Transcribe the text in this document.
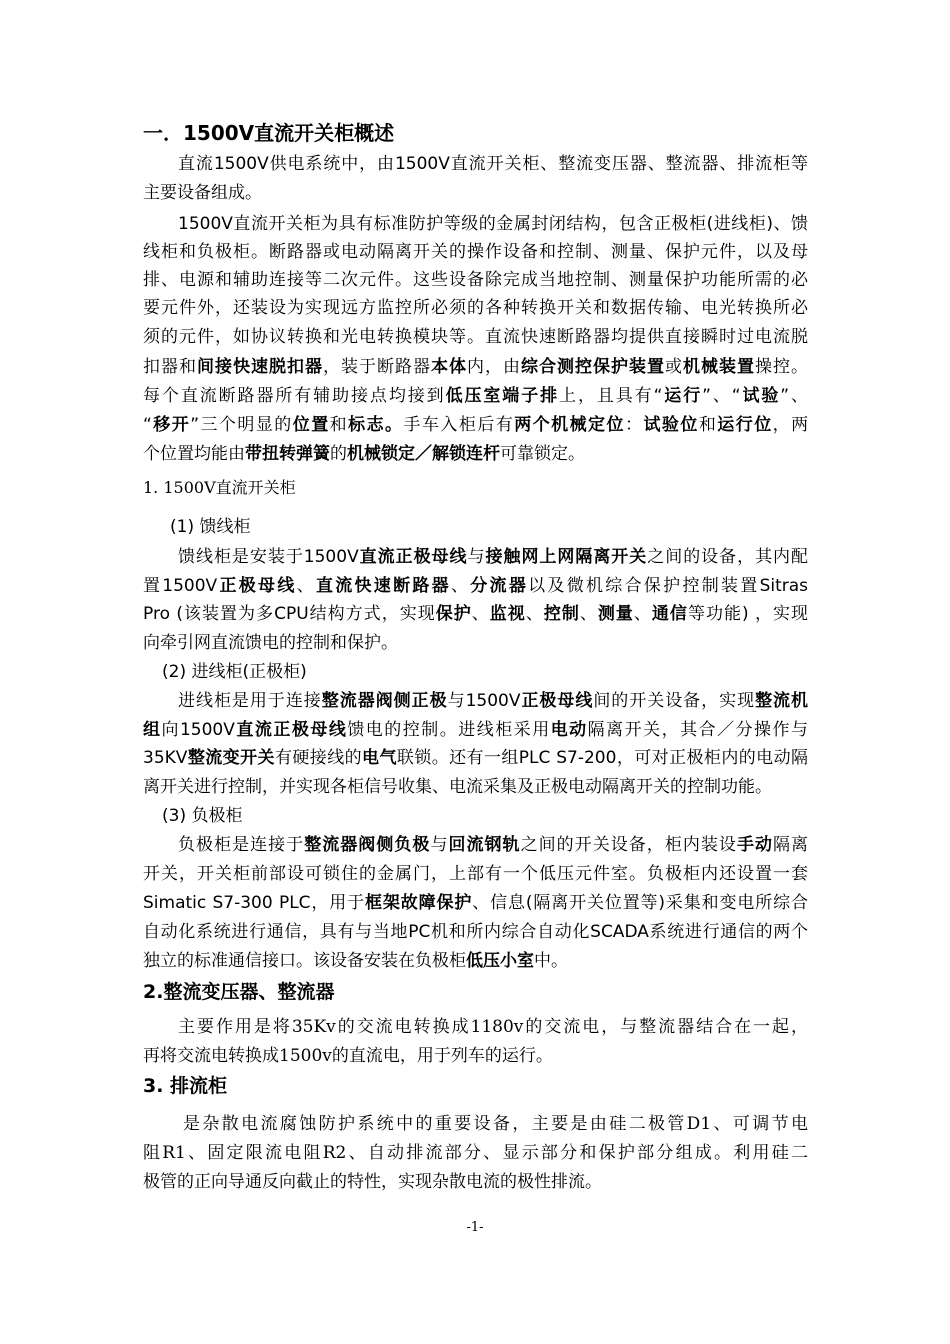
一．1500V直流开关柜概述
直流1500V供电系统中，由1500V直流开关柜、整流变压器、整流器、排流柜等
主要设备组成。
1500V直流开关柜为具有标准防护等级的金属封闭结构，包含正极柜(进线柜)、馈
线柜和负极柜。断路器或电动隔离开关的操作设备和控制、测量、保护元件，以及母
排、电源和辅助连接等二次元件。这些设备除完成当地控制、测量保护功能所需的必
要元件外，还装设为实现远方监控所必须的各种转换开关和数据传输、电光转换所必
须的元件，如协议转换和光电转换模块等。直流快速断路器均提供直接瞬时过电流脱
扣器和间接快速脱扣器，装于断路器本体内，由综合测控保护装置或机械装置操控。
每个直流断路器所有辅助接点均接到低压室端子排上，且具有“运行”、“试验”、
“移开”三个明显的位置和标志。手车入柜后有两个机械定位：试验位和运行位，两
个位置均能由带扭转弹簧的机械锁定／解锁连杆可靠锁定。
1. 1500V直流开关柜
(1) 馈线柜
馈线柜是安装于1500V直流正极母线与接触网上网隔离开关之间的设备，其内配
置1500V正极母线、直流快速断路器、分流器以及微机综合保护控制装置Sitras
Pro (该装置为多CPU结构方式，实现保护、监视、控制、测量、通信等功能) ，实现
向牵引网直流馈电的控制和保护。
(2) 进线柜(正极柜)
进线柜是用于连接整流器阀侧正极与1500V正极母线间的开关设备，实现整流机
组向1500V直流正极母线馈电的控制。进线柜采用电动隔离开关，其合／分操作与
35KV整流变开关有硬接线的电气联锁。还有一组PLC S7-200，可对正极柜内的电动隔
离开关进行控制，并实现各柜信号收集、电流采集及正极电动隔离开关的控制功能。
(3) 负极柜
负极柜是连接于整流器阀侧负极与回流钢轨之间的开关设备，柜内装设手动隔离
开关，开关柜前部设可锁住的金属门，上部有一个低压元件室。负极柜内还设置一套
Simatic S7-300 PLC，用于框架故障保护、信息(隔离开关位置等)采集和变电所综合
自动化系统进行通信，具有与当地PC机和所内综合自动化SCADA系统进行通信的两个
独立的标准通信接口。该设备安装在负极柜低压小室中。
2.整流变压器、整流器
主要作用是将35Kv的交流电转换成1180v的交流电，与整流器结合在一起，
再将交流电转换成1500v的直流电，用于列车的运行。
3. 排流柜
是杂散电流腐蚀防护系统中的重要设备，主要是由硅二极管D1、可调节电
阻R1、固定限流电阻R2、自动排流部分、显示部分和保护部分组成。利用硅二
极管的正向导通反向截止的特性，实现杂散电流的极性排流。
-1-
